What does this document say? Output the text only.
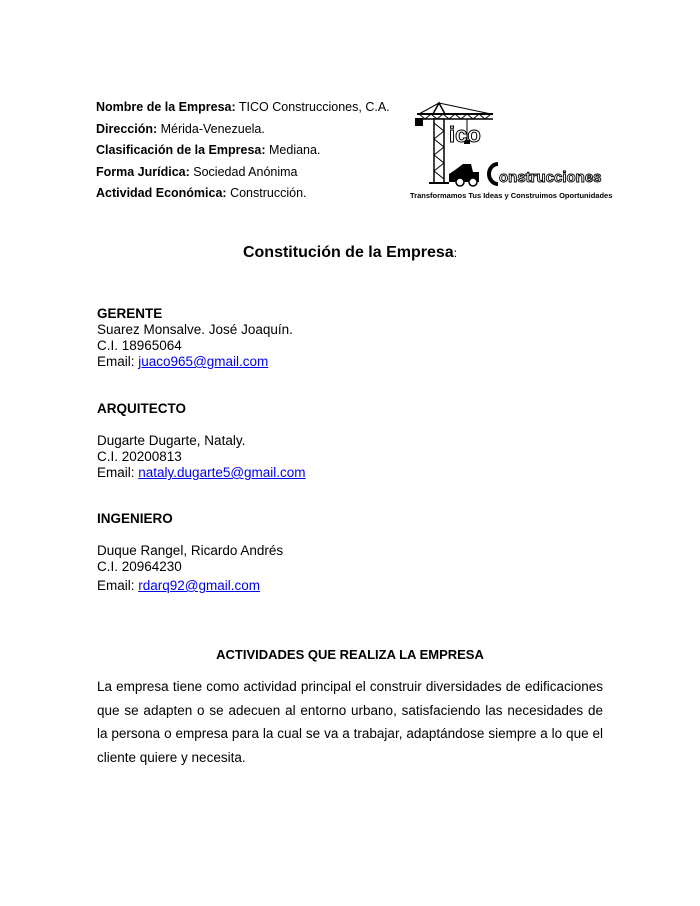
Nombre de la Empresa: TICO Construcciones, C.A.
Dirección: Mérida-Venezuela.
Clasificación de la Empresa: Mediana.
Forma Jurídica: Sociedad Anónima
Actividad Económica: Construcción.
ico
onstrucciones
Transformamos Tus Ideas y Construimos Oportunidades
Constitución de la Empresa:
GERENTE
Suarez Monsalve. José Joaquín.
C.I. 18965064
Email: juaco965@gmail.com
ARQUITECTO
Dugarte Dugarte, Nataly.
C.I. 20200813
Email: nataly.dugarte5@gmail.com
INGENIERO
Duque Rangel, Ricardo Andrés
C.I. 20964230
Email: rdarq92@gmail.com
ACTIVIDADES QUE REALIZA LA EMPRESA
La empresa tiene como actividad principal el construir diversidades de edificaciones que se adapten o se adecuen al entorno urbano, satisfaciendo las necesidades de la persona o empresa para la cual se va a trabajar, adaptándose siempre a lo que el cliente quiere y necesita.
